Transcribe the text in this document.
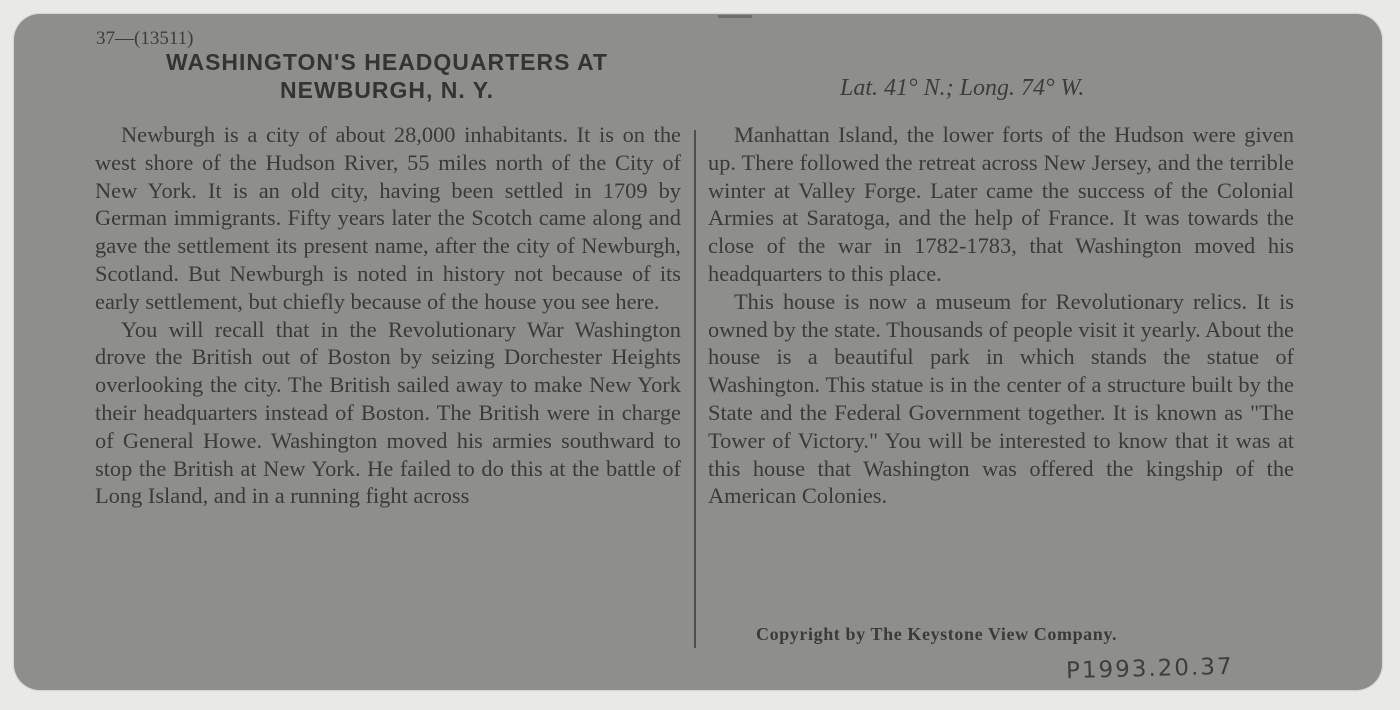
37—(13511)
WASHINGTON'S HEADQUARTERS AT
NEWBURGH, N. Y.	Lat. 41° N.; Long. 74° W.

Newburgh is a city of about 28,000 inhabitants. It is on the west shore of the Hudson River, 55 miles north of the City of New York. It is an old city, having been settled in 1709 by German immigrants. Fifty years later the Scotch came along and gave the settlement its present name, after the city of Newburgh, Scotland. But Newburgh is noted in history not because of its early settlement, but chiefly because of the house you see here.

You will recall that in the Revolutionary War Washington drove the British out of Boston by seizing Dorchester Heights overlooking the city. The British sailed away to make New York their headquarters instead of Boston. The British were in charge of General Howe. Washington moved his armies southward to stop the British at New York. He failed to do this at the battle of Long Island, and in a running fight across

Manhattan Island, the lower forts of the Hudson were given up. There followed the retreat across New Jersey, and the terrible winter at Valley Forge. Later came the success of the Colonial Armies at Saratoga, and the help of France. It was towards the close of the war in 1782-1783, that Washington moved his headquarters to this place.

This house is now a museum for Revolutionary relics. It is owned by the state. Thousands of people visit it yearly. About the house is a beautiful park in which stands the statue of Washington. This statue is in the center of a structure built by the State and the Federal Government together. It is known as "The Tower of Victory." You will be interested to know that it was at this house that Washington was offered the kingship of the American Colonies.

Copyright by The Keystone View Company.
P1993.20.37
